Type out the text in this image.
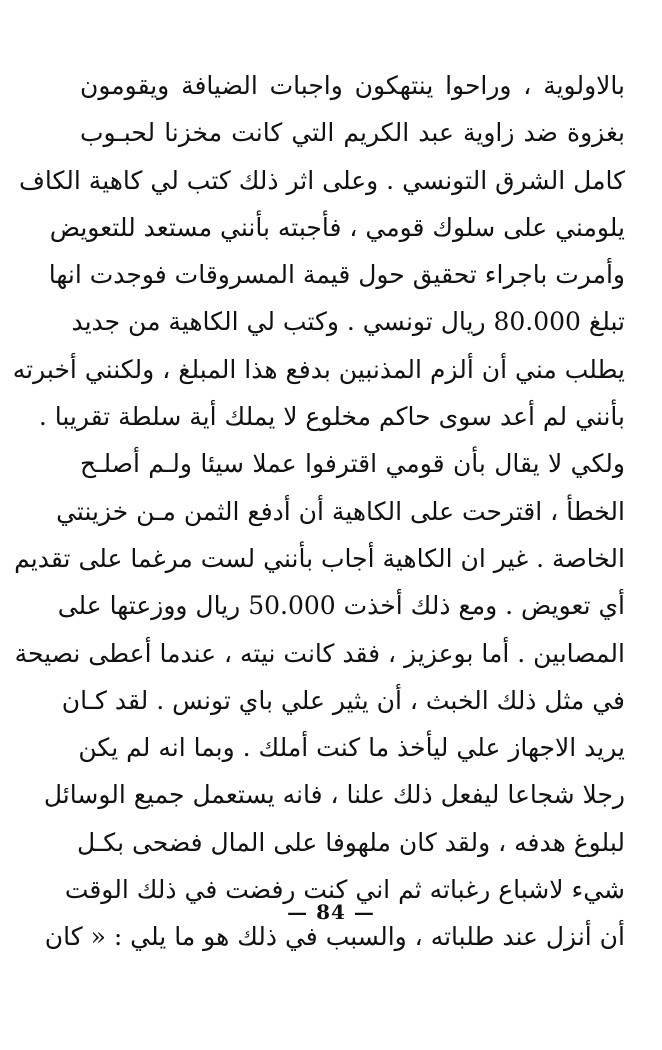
بالاولوية ، وراحوا ينتهكون واجبات الضيافة ويقومون
بغزوة ضد زاوية عبد الكريم التي كانت مخزنا لحبـوب
كامل الشرق التونسي . وعلى اثر ذلك كتب لي كاهية الكاف
يلومني على سلوك قومي ، فأجبته بأنني مستعد للتعويض
وأمرت باجراء تحقيق حول قيمة المسروقات فوجدت انها
تبلغ 80.000 ريال تونسي . وكتب لي الكاهية من جديد
يطلب مني أن ألزم المذنبين بدفع هذا المبلغ ، ولكنني أخبرته
بأنني لم أعد سوى حاكم مخلوع لا يملك أية سلطة تقريبا .
ولكي لا يقال بأن قومي اقترفوا عملا سيئا ولـم أصلـح
الخطأ ، اقترحت على الكاهية أن أدفع الثمن مـن خزينتي
الخاصة . غير ان الكاهية أجاب بأنني لست مرغما على تقديم
أي تعويض . ومع ذلك أخذت 50.000 ريال ووزعتها على
المصابين . أما بوعزيز ، فقد كانت نيته ، عندما أعطى نصيحة
في مثل ذلك الخبث ، أن يثير علي باي تونس . لقد كـان
يريد الاجهاز علي ليأخذ ما كنت أملك . وبما انه لم يكن
رجلا شجاعا ليفعل ذلك علنا ، فانه يستعمل جميع الوسائل
لبلوغ هدفه ، ولقد كان ملهوفا على المال فضحى بكـل
شيء لاشباع رغباته ثم اني كنت رفضت في ذلك الوقت
أن أنزل عند طلباته ، والسبب في ذلك هو ما يلي : « كان
— 84 —
